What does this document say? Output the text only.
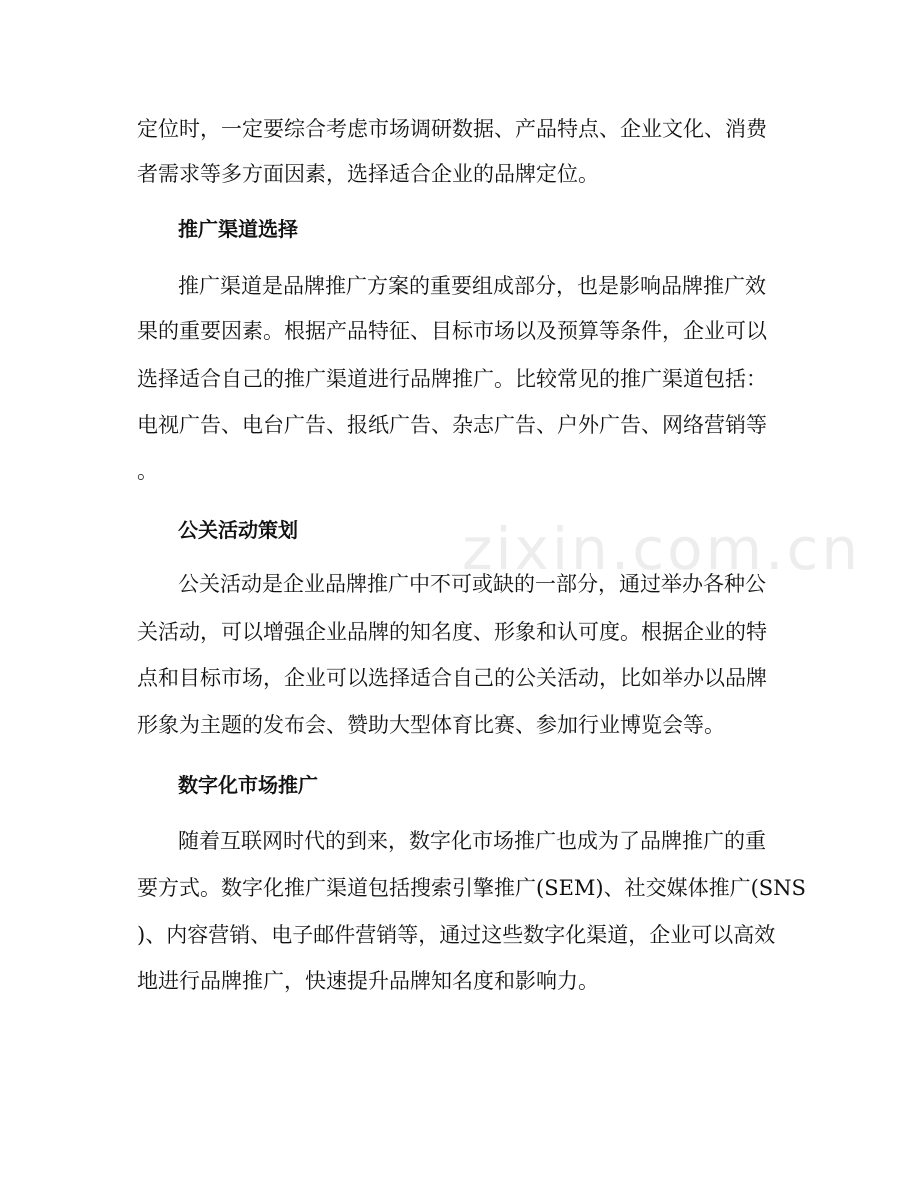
zixin.com.cn
定位时，一定要综合考虑市场调研数据、产品特点、企业文化、消费
者需求等多方面因素，选择适合企业的品牌定位。
推广渠道选择
推广渠道是品牌推广方案的重要组成部分，也是影响品牌推广效
果的重要因素。根据产品特征、目标市场以及预算等条件，企业可以
选择适合自己的推广渠道进行品牌推广。比较常见的推广渠道包括：
电视广告、电台广告、报纸广告、杂志广告、户外广告、网络营销等
。
公关活动策划
公关活动是企业品牌推广中不可或缺的一部分，通过举办各种公
关活动，可以增强企业品牌的知名度、形象和认可度。根据企业的特
点和目标市场，企业可以选择适合自己的公关活动，比如举办以品牌
形象为主题的发布会、赞助大型体育比赛、参加行业博览会等。
数字化市场推广
随着互联网时代的到来，数字化市场推广也成为了品牌推广的重
要方式。数字化推广渠道包括搜索引擎推广(SEM)、社交媒体推广(SNS
)、内容营销、电子邮件营销等，通过这些数字化渠道，企业可以高效
地进行品牌推广，快速提升品牌知名度和影响力。
